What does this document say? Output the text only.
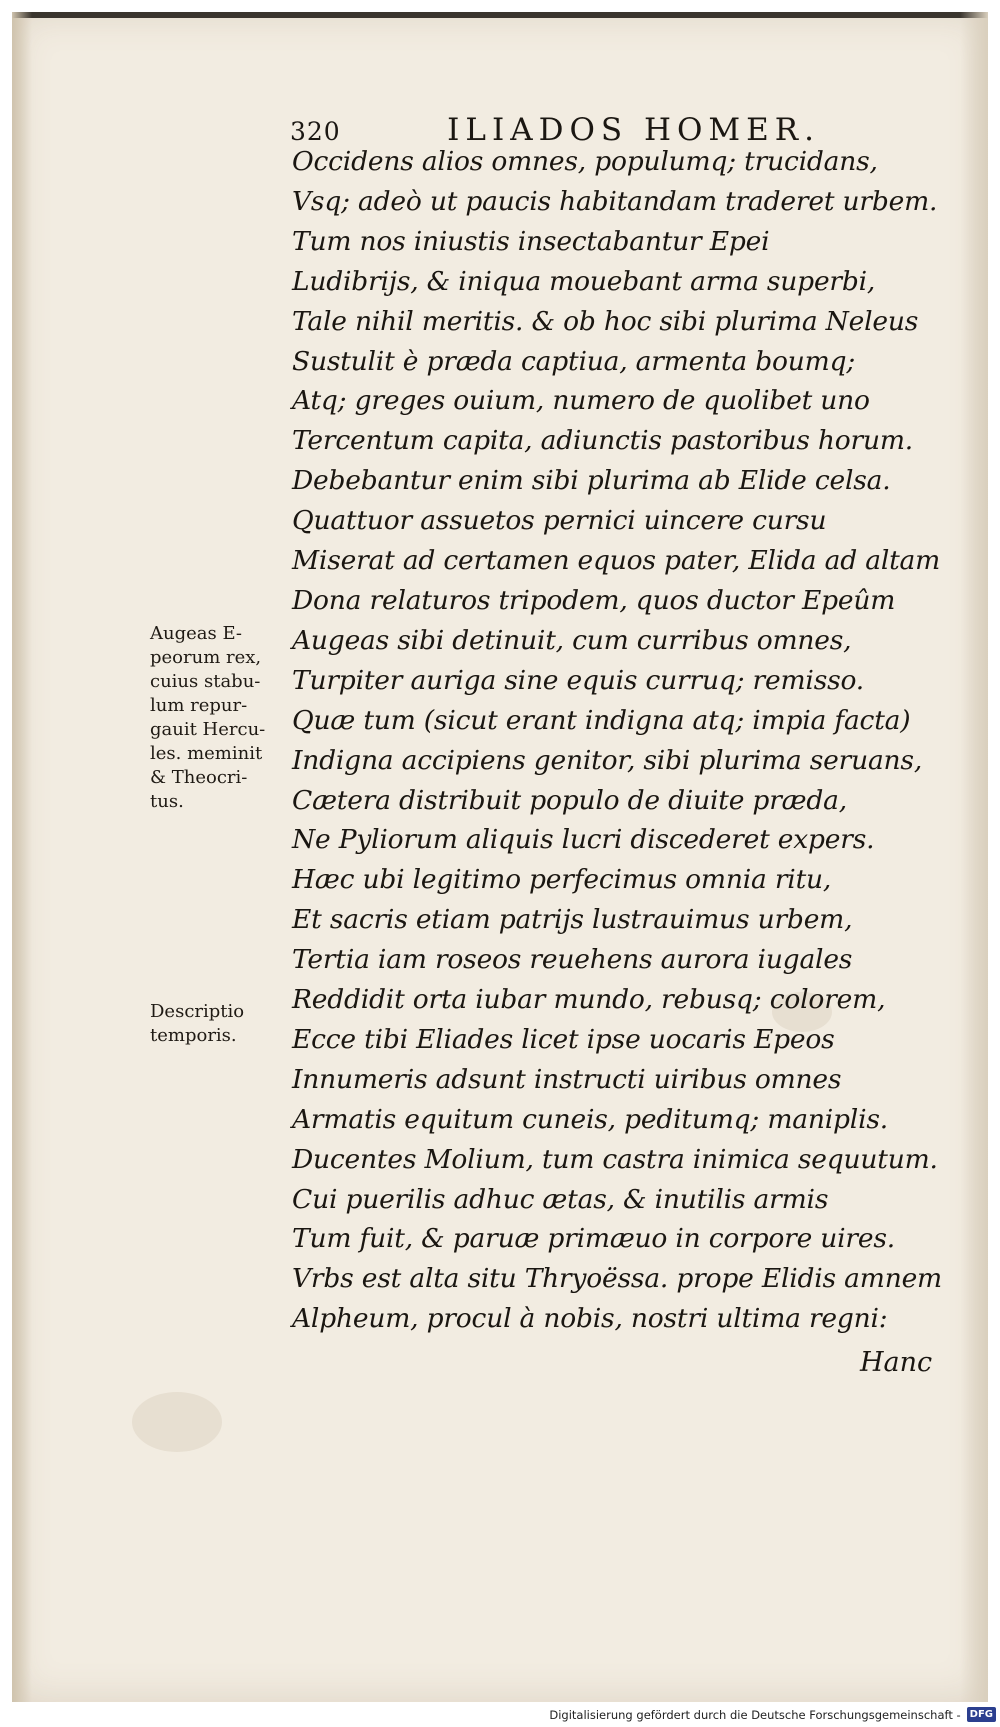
320	ILIADOS HOMER.
Occidens alios omnes, populumq; trucidans,
Vsq; adeò ut paucis habitandam traderet urbem.
Tum nos iniustis insectabantur Epei
Ludibrijs, & iniqua mouebant arma superbi,
Tale nihil meritis. & ob hoc sibi plurima Neleus
Sustulit è præda captiua, armenta boumq;
Atq; greges ouium, numero de quolibet uno
Tercentum capita, adiunctis pastoribus horum.
Debebantur enim sibi plurima ab Elide celsa.
Quattuor assuetos pernici uincere cursu
Miserat ad certamen equos pater, Elida ad altam
Dona relaturos tripodem, quos ductor Epeûm
Augeas sibi detinuit, cum curribus omnes,
Turpiter auriga sine equis curruq; remisso.
Quæ tum (sicut erant indigna atq; impia facta)
Indigna accipiens genitor, sibi plurima seruans,
Cætera distribuit populo de diuite præda,
Ne Pyliorum aliquis lucri discederet expers.
Hæc ubi legitimo perfecimus omnia ritu,
Et sacris etiam patrijs lustrauimus urbem,
Tertia iam roseos reuehens aurora iugales
Reddidit orta iubar mundo, rebusq; colorem,
Ecce tibi Eliades licet ipse uocaris Epeos
Innumeris adsunt instructi uiribus omnes
Armatis equitum cuneis, peditumq; maniplis.
Ducentes Molium, tum castra inimica sequutum.
Cui puerilis adhuc ætas, & inutilis armis
Tum fuit, & paruæ primæuo in corpore uires.
Vrbs est alta situ Thryoëssa. prope Elidis amnem
Alpheum, procul à nobis, nostri ultima regni:
Hanc
Augeas E-
peorum rex,
cuius stabu-
lum repur-
gauit Hercu-
les. meminit
& Theocri-
tus.
Descriptio
temporis.
Digitalisierung gefördert durch die Deutsche Forschungsgemeinschaft - DFG
